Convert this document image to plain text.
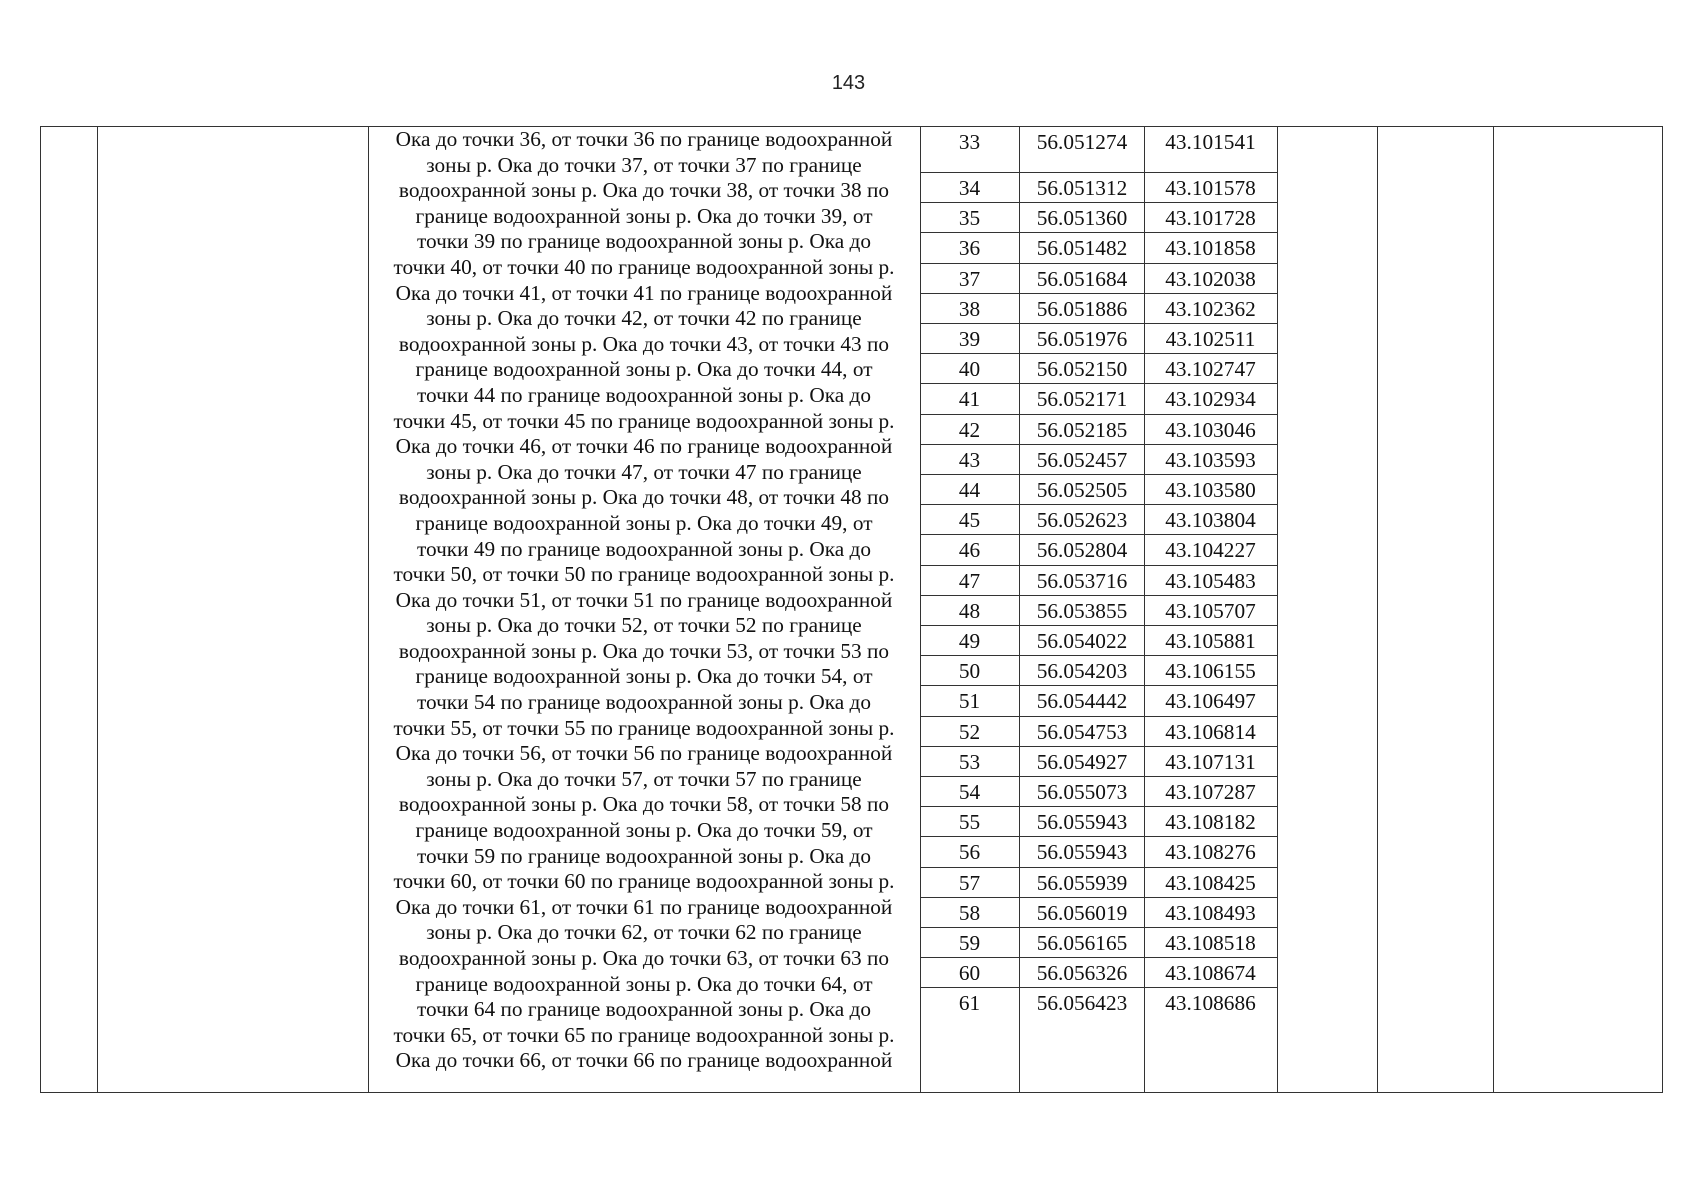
143
Ока до точки 36, от точки 36 по границе водоохранной
зоны р. Ока до точки 37, от точки 37 по границе
водоохранной зоны р. Ока до точки 38, от точки 38 по
границе водоохранной зоны р. Ока до точки 39, от
точки 39 по границе водоохранной зоны р. Ока до
точки 40, от точки 40 по границе водоохранной зоны р.
Ока до точки 41, от точки 41 по границе водоохранной
зоны р. Ока до точки 42, от точки 42 по границе
водоохранной зоны р. Ока до точки 43, от точки 43 по
границе водоохранной зоны р. Ока до точки 44, от
точки 44 по границе водоохранной зоны р. Ока до
точки 45, от точки 45 по границе водоохранной зоны р.
Ока до точки 46, от точки 46 по границе водоохранной
зоны р. Ока до точки 47, от точки 47 по границе
водоохранной зоны р. Ока до точки 48, от точки 48 по
границе водоохранной зоны р. Ока до точки 49, от
точки 49 по границе водоохранной зоны р. Ока до
точки 50, от точки 50 по границе водоохранной зоны р.
Ока до точки 51, от точки 51 по границе водоохранной
зоны р. Ока до точки 52, от точки 52 по границе
водоохранной зоны р. Ока до точки 53, от точки 53 по
границе водоохранной зоны р. Ока до точки 54, от
точки 54 по границе водоохранной зоны р. Ока до
точки 55, от точки 55 по границе водоохранной зоны р.
Ока до точки 56, от точки 56 по границе водоохранной
зоны р. Ока до точки 57, от точки 57 по границе
водоохранной зоны р. Ока до точки 58, от точки 58 по
границе водоохранной зоны р. Ока до точки 59, от
точки 59 по границе водоохранной зоны р. Ока до
точки 60, от точки 60 по границе водоохранной зоны р.
Ока до точки 61, от точки 61 по границе водоохранной
зоны р. Ока до точки 62, от точки 62 по границе
водоохранной зоны р. Ока до точки 63, от точки 63 по
границе водоохранной зоны р. Ока до точки 64, от
точки 64 по границе водоохранной зоны р. Ока до
точки 65, от точки 65 по границе водоохранной зоны р.
Ока до точки 66, от точки 66 по границе водоохранной
33	56.051274	43.101541
34	56.051312	43.101578
35	56.051360	43.101728
36	56.051482	43.101858
37	56.051684	43.102038
38	56.051886	43.102362
39	56.051976	43.102511
40	56.052150	43.102747
41	56.052171	43.102934
42	56.052185	43.103046
43	56.052457	43.103593
44	56.052505	43.103580
45	56.052623	43.103804
46	56.052804	43.104227
47	56.053716	43.105483
48	56.053855	43.105707
49	56.054022	43.105881
50	56.054203	43.106155
51	56.054442	43.106497
52	56.054753	43.106814
53	56.054927	43.107131
54	56.055073	43.107287
55	56.055943	43.108182
56	56.055943	43.108276
57	56.055939	43.108425
58	56.056019	43.108493
59	56.056165	43.108518
60	56.056326	43.108674
61	56.056423	43.108686
